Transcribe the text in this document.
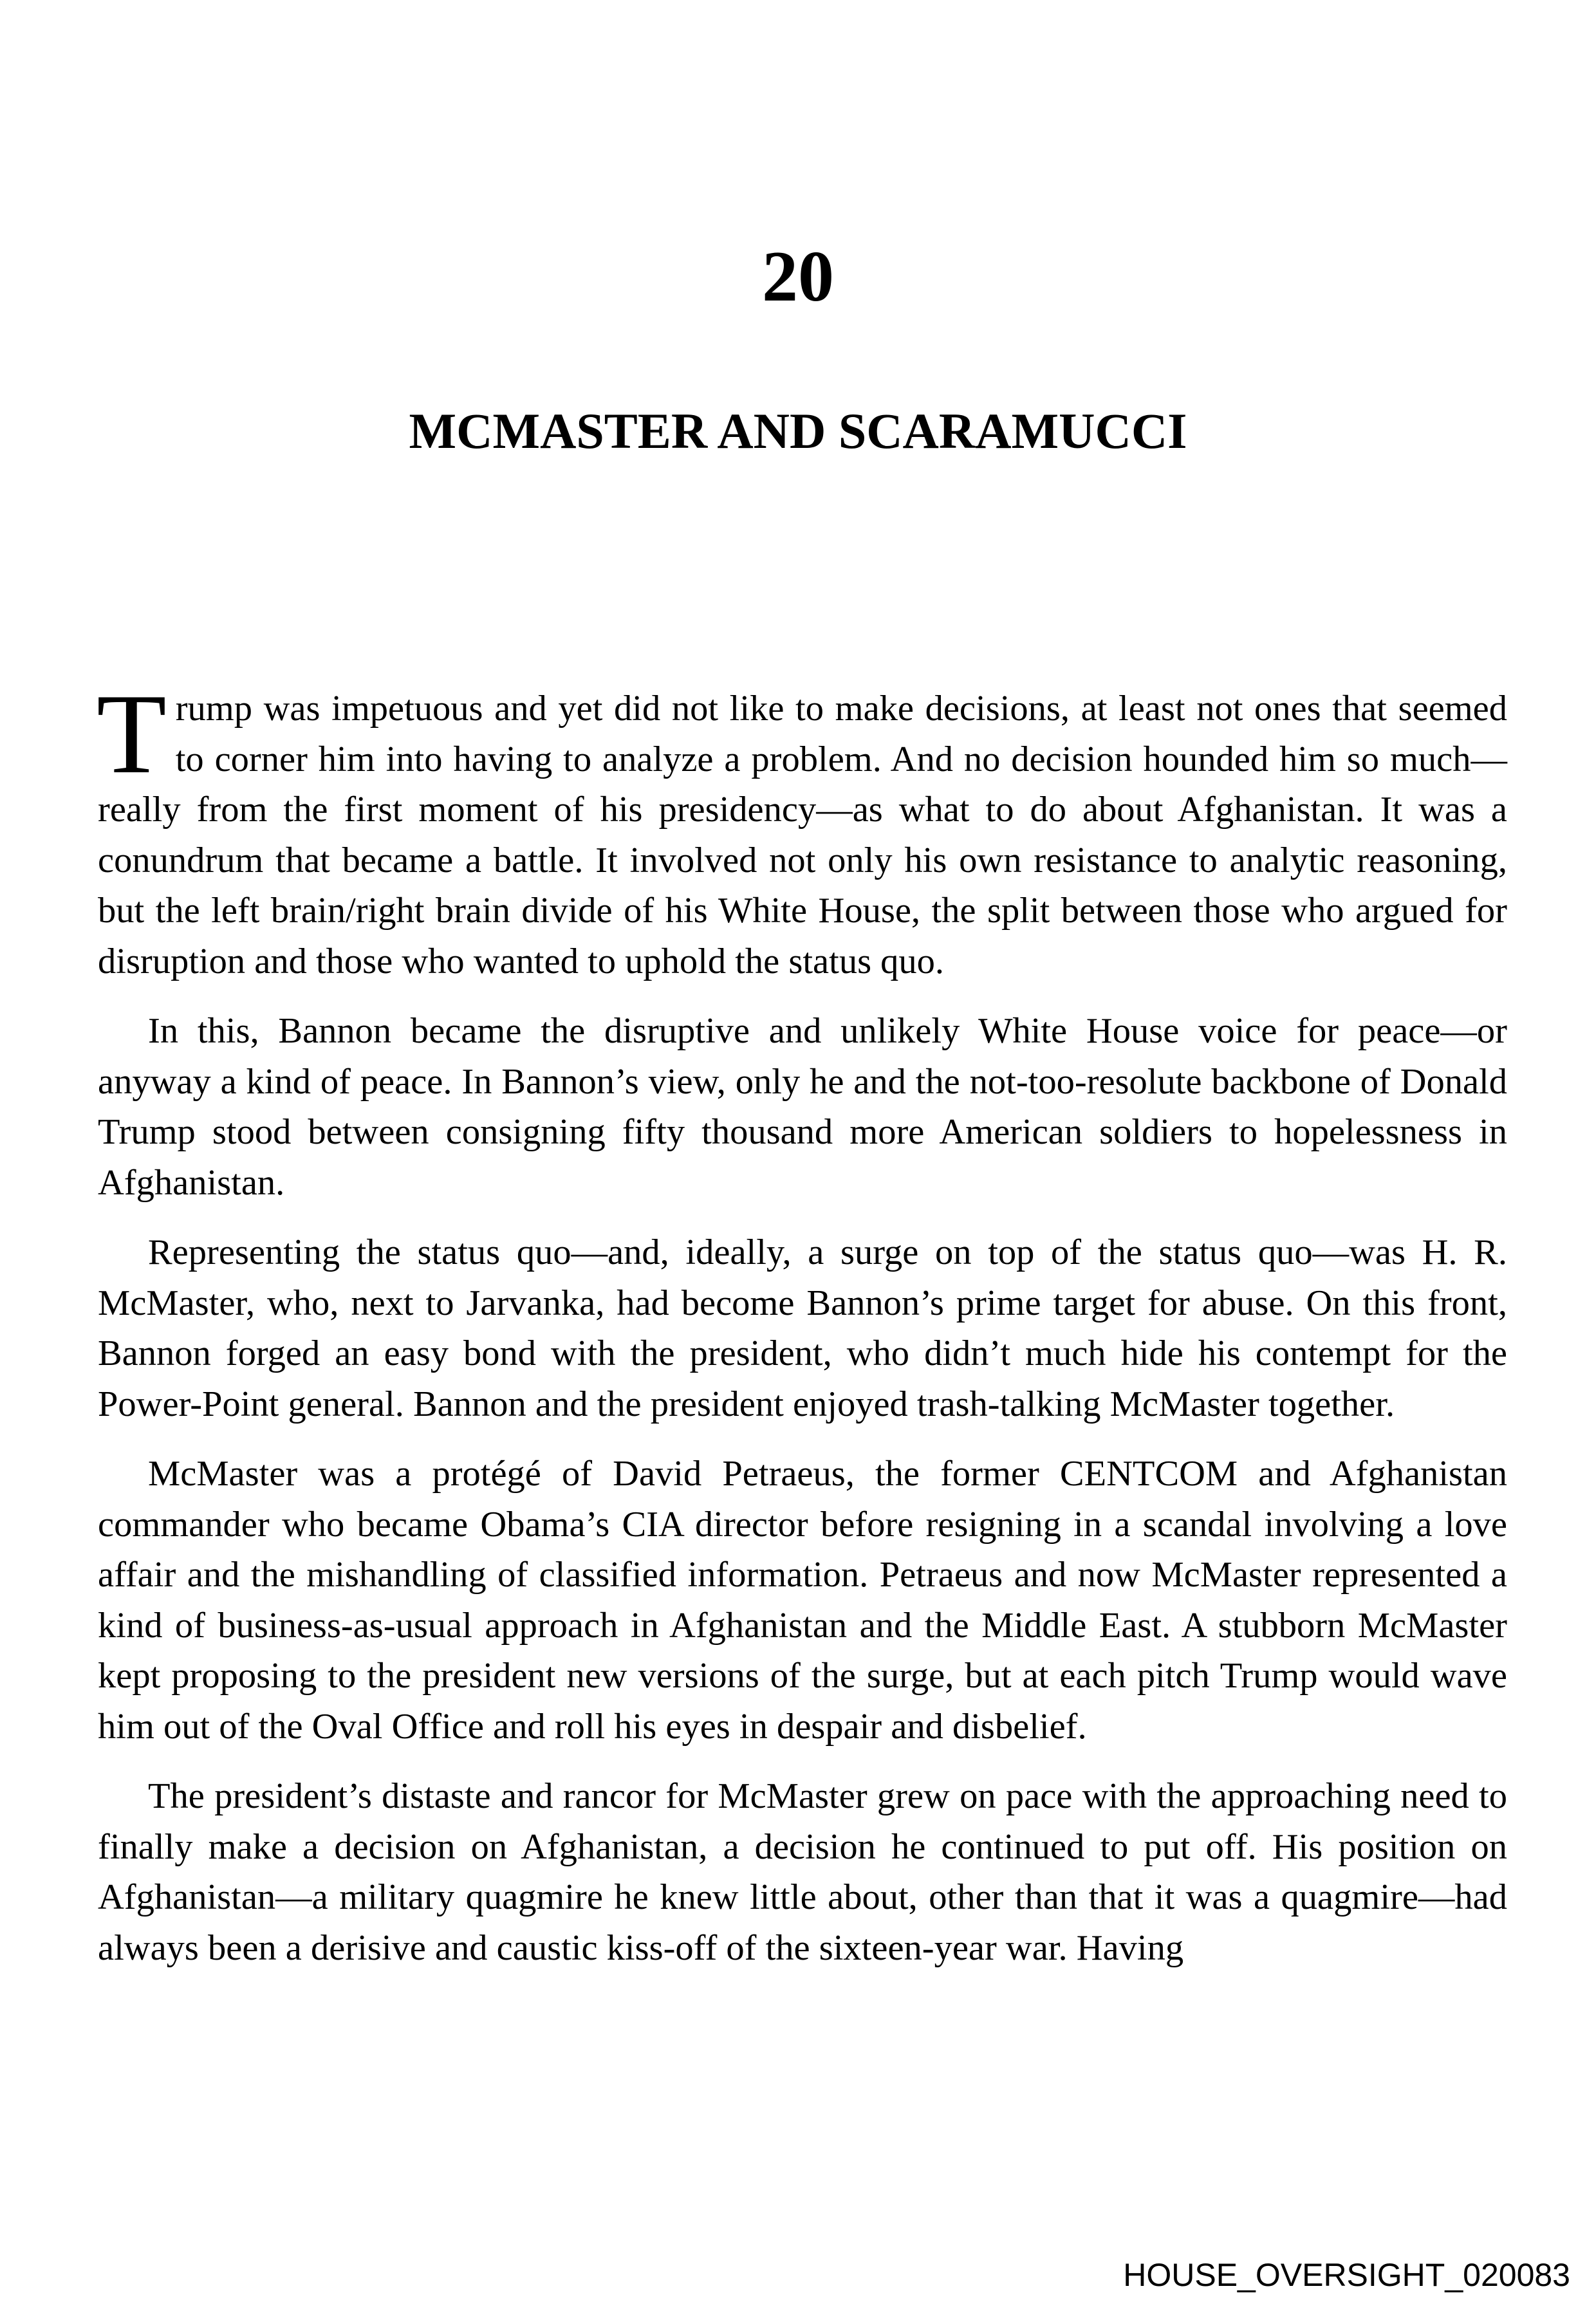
20
MCMASTER AND SCARAMUCCI

Trump was impetuous and yet did not like to make decisions, at least not ones that seemed to corner him into having to analyze a problem. And no decision hounded him so much—really from the first moment of his presidency—as what to do about Afghanistan. It was a conundrum that became a battle. It involved not only his own resistance to analytic reasoning, but the left brain/right brain divide of his White House, the split between those who argued for disruption and those who wanted to uphold the status quo.

In this, Bannon became the disruptive and unlikely White House voice for peace—or anyway a kind of peace. In Bannon’s view, only he and the not-too-resolute backbone of Donald Trump stood between consigning fifty thousand more American soldiers to hopelessness in Afghanistan.

Representing the status quo—and, ideally, a surge on top of the status quo—was H. R. McMaster, who, next to Jarvanka, had become Bannon’s prime target for abuse. On this front, Bannon forged an easy bond with the president, who didn’t much hide his contempt for the Power-Point general. Bannon and the president enjoyed trash-talking McMaster together.

McMaster was a protégé of David Petraeus, the former CENTCOM and Afghanistan commander who became Obama’s CIA director before resigning in a scandal involving a love affair and the mishandling of classified information. Petraeus and now McMaster represented a kind of business-as-usual approach in Afghanistan and the Middle East. A stubborn McMaster kept proposing to the president new versions of the surge, but at each pitch Trump would wave him out of the Oval Office and roll his eyes in despair and disbelief.

The president’s distaste and rancor for McMaster grew on pace with the approaching need to finally make a decision on Afghanistan, a decision he continued to put off. His position on Afghanistan—a military quagmire he knew little about, other than that it was a quagmire—had always been a derisive and caustic kiss-off of the sixteen-year war. Having

HOUSE_OVERSIGHT_020083
